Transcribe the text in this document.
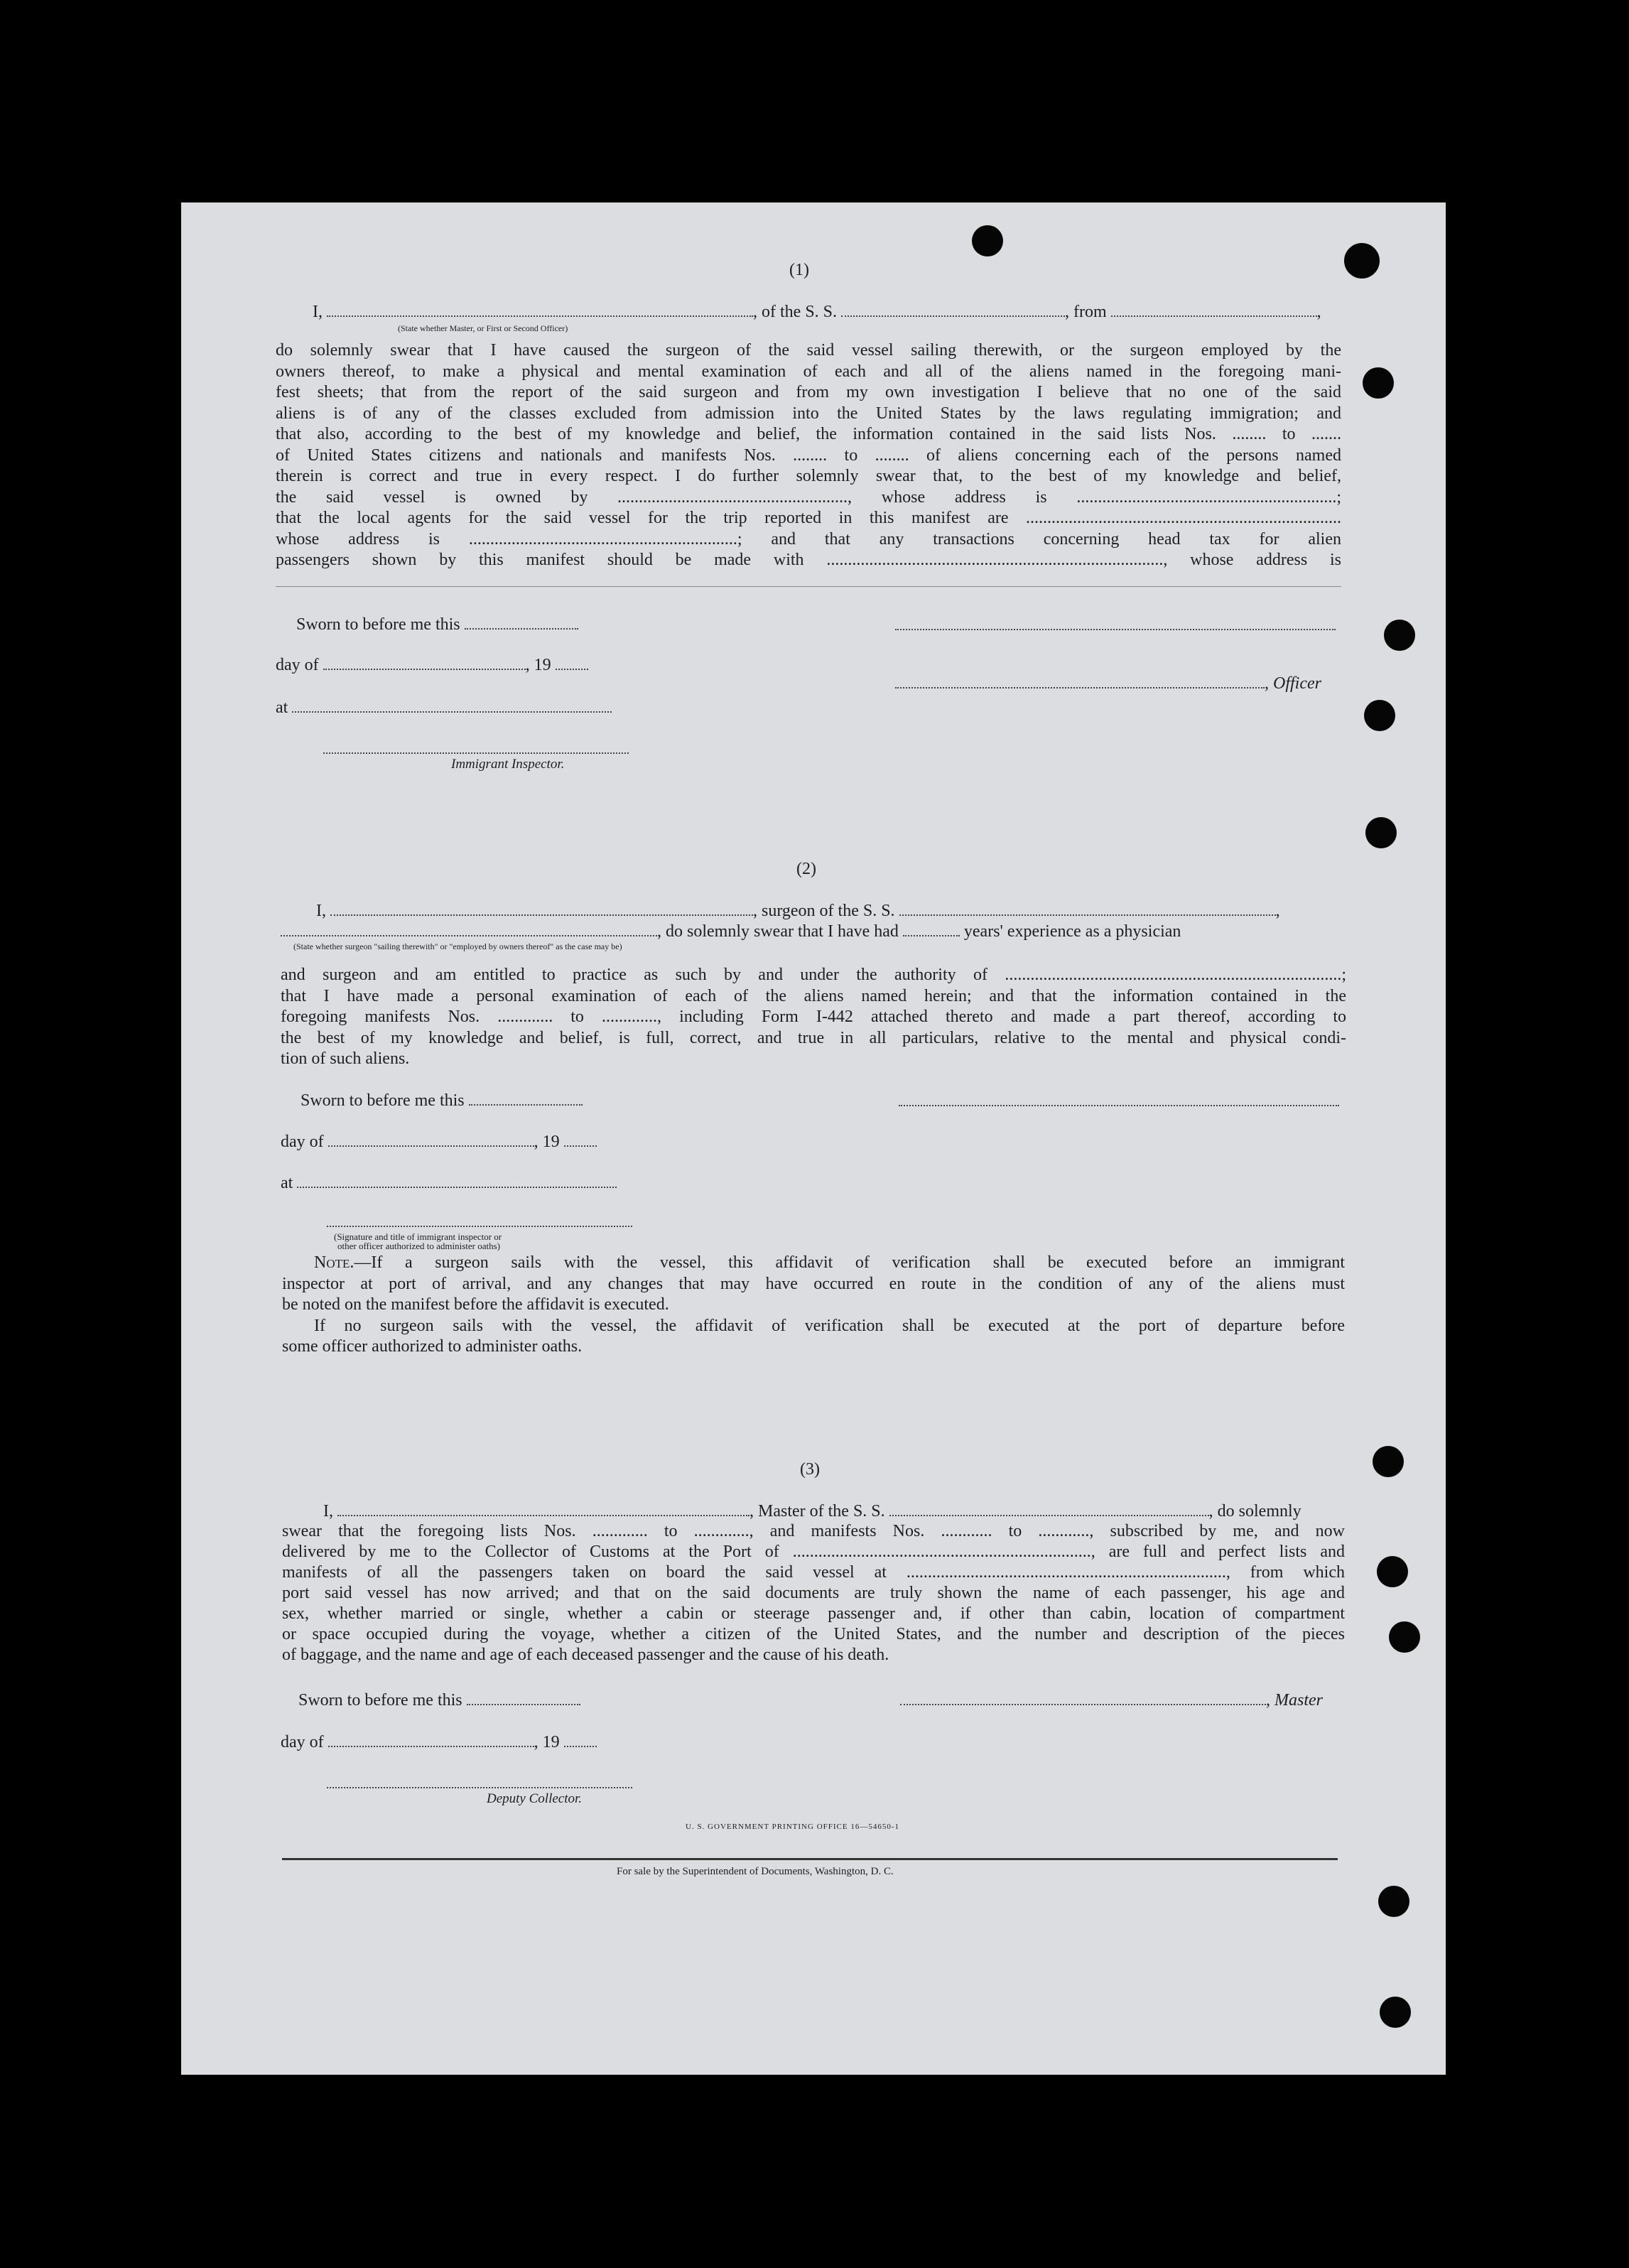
(1)
I,	, of the S. S.	, from	,
(State whether Master, or First or Second Officer)

do solemnly swear that I have caused the surgeon of the said vessel sailing therewith, or the surgeon employed by the

owners thereof, to make a physical and mental examination of each and all of the aliens named in the foregoing mani-

fest sheets; that from the report of the said surgeon and from my own investigation I believe that no one of the said

aliens is of any of the classes excluded from admission into the United States by the laws regulating immigration; and

that also, according to the best of my knowledge and belief, the information contained in the said lists Nos. ........ to .......

of United States citizens and nationals and manifests Nos. ........ to ........ of aliens concerning each of the persons named

therein is correct and true in every respect. I do further solemnly swear that, to the best of my knowledge and belief,

the said vessel is owned by ......................................................, whose address is .............................................................;

that the local agents for the said vessel for the trip reported in this manifest are ..........................................................................

whose address is ...............................................................; and that any transactions concerning head tax for alien

passengers shown by this manifest should be made with ..............................................................................., whose address is

Sworn to before me this
day of	, 19
, Officer
at
Immigrant Inspector.
(2)
I,	, surgeon of the S. S.	,
, do solemnly swear that I have had	years' experience as a physician
(State whether surgeon "sailing therewith" or "employed by owners thereof" as the case may be)

and surgeon and am entitled to practice as such by and under the authority of ...............................................................................;

that I have made a personal examination of each of the aliens named herein; and that the information contained in the

foregoing manifests Nos. ............. to ............., including Form I-442 attached thereto and made a part thereof, according to

the best of my knowledge and belief, is full, correct, and true in all particulars, relative to the mental and physical condi-

tion of such aliens.

Sworn to before me this
day of	, 19
at
(Signature and title of immigrant inspector or
other officer authorized to administer oaths)

Note.—If a surgeon sails with the vessel, this affidavit of verification shall be executed before an immigrant

inspector at port of arrival, and any changes that may have occurred en route in the condition of any of the aliens must

be noted on the manifest before the affidavit is executed.

If no surgeon sails with the vessel, the affidavit of verification shall be executed at the port of departure before

some officer authorized to administer oaths.

(3)
I,	, Master of the S. S.	, do solemnly

swear that the foregoing lists Nos. ............. to ............., and manifests Nos. ............ to ............, subscribed by me, and now

delivered by me to the Collector of Customs at the Port of ......................................................................, are full and perfect lists and

manifests of all the passengers taken on board the said vessel at ..........................................................................., from which

port said vessel has now arrived; and that on the said documents are truly shown the name of each passenger, his age and

sex, whether married or single, whether a cabin or steerage passenger and, if other than cabin, location of compartment

or space occupied during the voyage, whether a citizen of the United States, and the number and description of the pieces

of baggage, and the name and age of each deceased passenger and the cause of his death.

Sworn to before me this	, Master
day of	, 19
Deputy Collector.
U. S. GOVERNMENT PRINTING OFFICE 16—54650-1
For sale by the Superintendent of Documents, Washington, D. C.
